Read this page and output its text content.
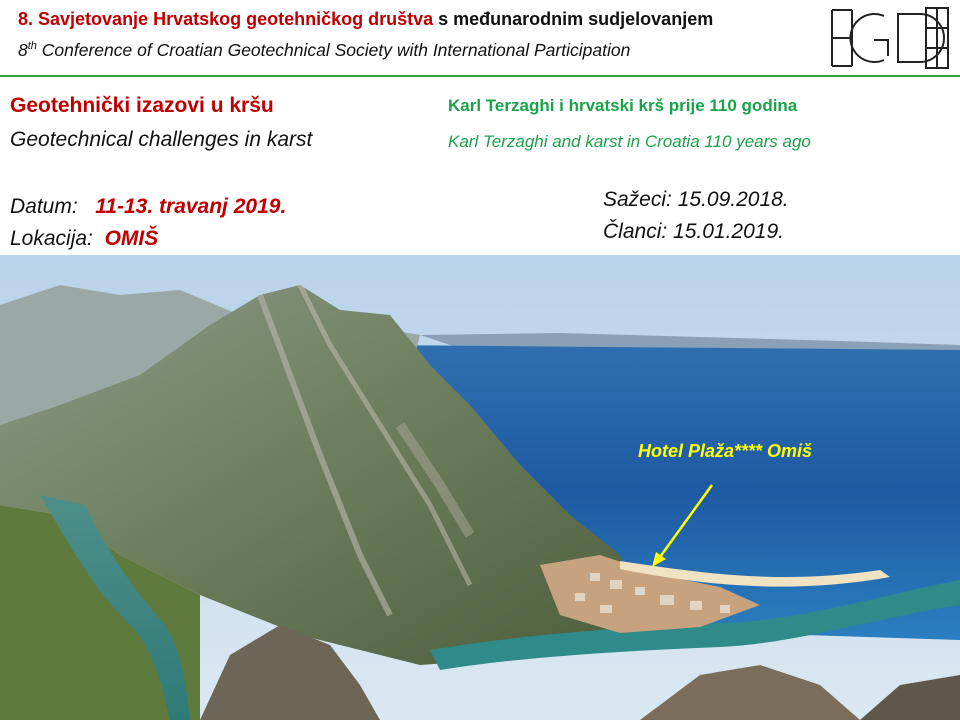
8. Savjetovanje Hrvatskog geotehničkog društva s međunarodnim sudjelovanjem
8th Conference of Croatian Geotechnical Society with International Participation
Geotehnički izazovi u kršu
Geotechnical challenges in karst
Karl Terzaghi i hrvatski krš prije 110 godina
Karl Terzaghi and karst in Croatia 110 years ago
Datum: 11-13. travanj 2019.
Lokacija: OMIŠ
Sažeci: 15.09.2018.
Članci: 15.01.2019.
Hotel Plaža**** Omiš
